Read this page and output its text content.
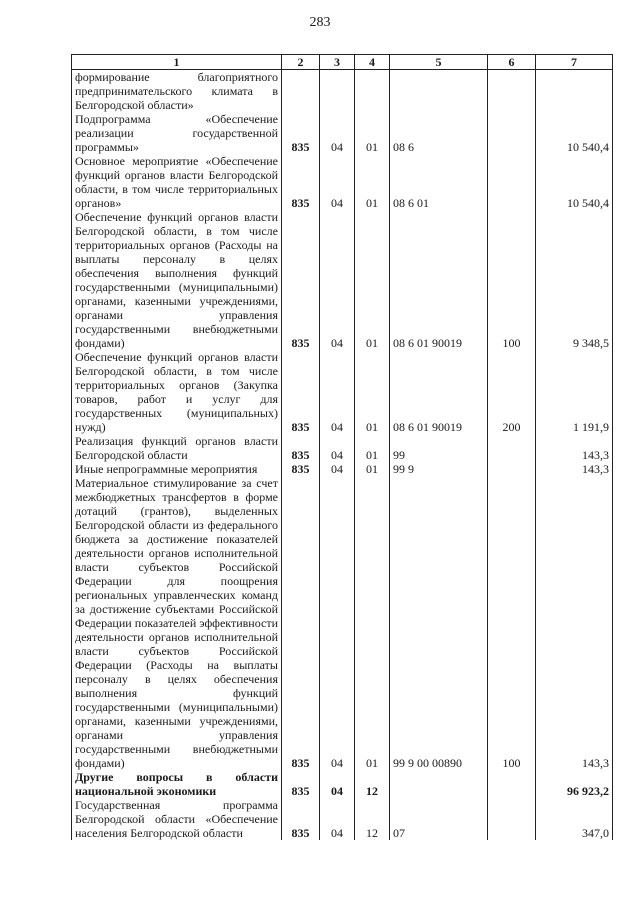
283
1	2	3	4	5	6	7
формирование благоприятного предпринимательского климата в Белгородской области»						
Подпрограмма «Обеспечение реализации государственной программы»	835	04	01	08 6		10 540,4
Основное мероприятие «Обеспечение функций органов власти Белгородской области, в том числе территориальных органов»	835	04	01	08 6 01		10 540,4
Обеспечение функций органов власти Белгородской области, в том числе территориальных органов (Расходы на выплаты персоналу в целях обеспечения выполнения функций государственными (муниципальными) органами, казенными учреждениями, органами управления государственными внебюджетными фондами)	835	04	01	08 6 01 90019	100	9 348,5
Обеспечение функций органов власти Белгородской области, в том числе территориальных органов (Закупка товаров, работ и услуг для государственных (муниципальных) нужд)	835	04	01	08 6 01 90019	200	1 191,9
Реализация функций органов власти Белгородской области	835	04	01	99		143,3
Иные непрограммные мероприятия	835	04	01	99 9		143,3
Материальное стимулирование за счет межбюджетных трансфертов в форме дотаций (грантов), выделенных Белгородской области из федерального бюджета за достижение показателей деятельности органов исполнительной власти субъектов Российской Федерации для поощрения региональных управленческих команд за достижение субъектами Российской Федерации показателей эффективности деятельности органов исполнительной власти субъектов Российской Федерации (Расходы на выплаты персоналу в целях обеспечения выполнения функций государственными (муниципальными) органами, казенными учреждениями, органами управления государственными внебюджетными фондами)	835	04	01	99 9 00 00890	100	143,3
Другие вопросы в области национальной экономики	835	04	12			96 923,2
Государственная программа Белгородской области «Обеспечение населения Белгородской области	835	04	12	07		347,0
